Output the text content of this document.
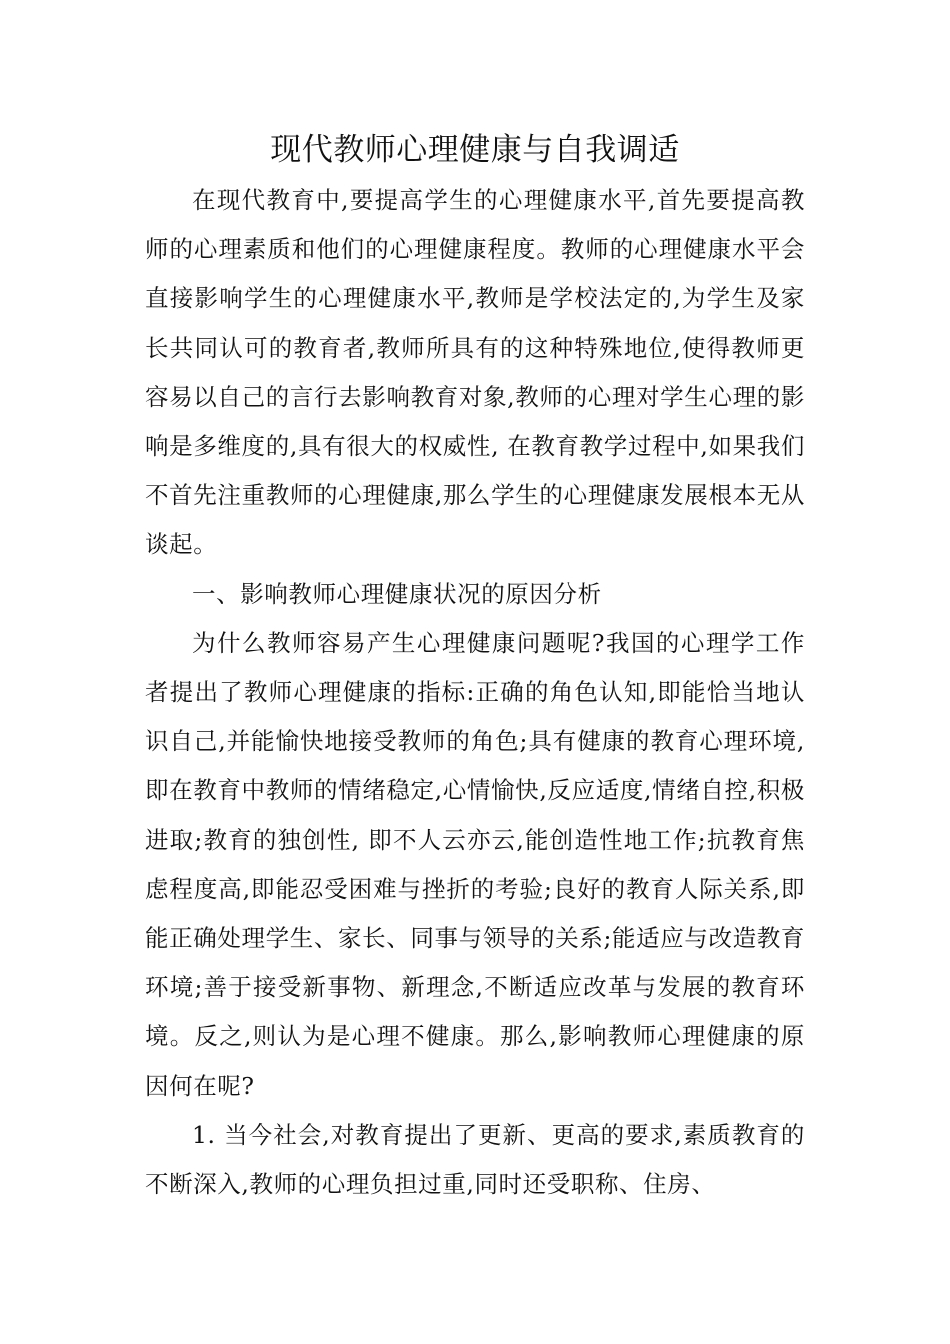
现代教师心理健康与自我调适

在现代教育中,要提高学生的心理健康水平,首先要提高教师的心理素质和他们的心理健康程度。教师的心理健康水平会直接影响学生的心理健康水平,教师是学校法定的,为学生及家长共同认可的教育者,教师所具有的这种特殊地位,使得教师更容易以自己的言行去影响教育对象,教师的心理对学生心理的影响是多维度的,具有很大的权威性, 在教育教学过程中,如果我们不首先注重教师的心理健康,那么学生的心理健康发展根本无从谈起。

一、影响教师心理健康状况的原因分析

为什么教师容易产生心理健康问题呢?我国的心理学工作者提出了教师心理健康的指标:正确的角色认知,即能恰当地认识自己,并能愉快地接受教师的角色;具有健康的教育心理环境,即在教育中教师的情绪稳定,心情愉快,反应适度,情绪自控,积极进取;教育的独创性, 即不人云亦云,能创造性地工作;抗教育焦虑程度高,即能忍受困难与挫折的考验;良好的教育人际关系,即能正确处理学生、家长、同事与领导的关系;能适应与改造教育环境;善于接受新事物、新理念,不断适应改革与发展的教育环境。反之,则认为是心理不健康。那么,影响教师心理健康的原因何在呢?

1. 当今社会,对教育提出了更新、更高的要求,素质教育的不断深入,教师的心理负担过重,同时还受职称、住房、
